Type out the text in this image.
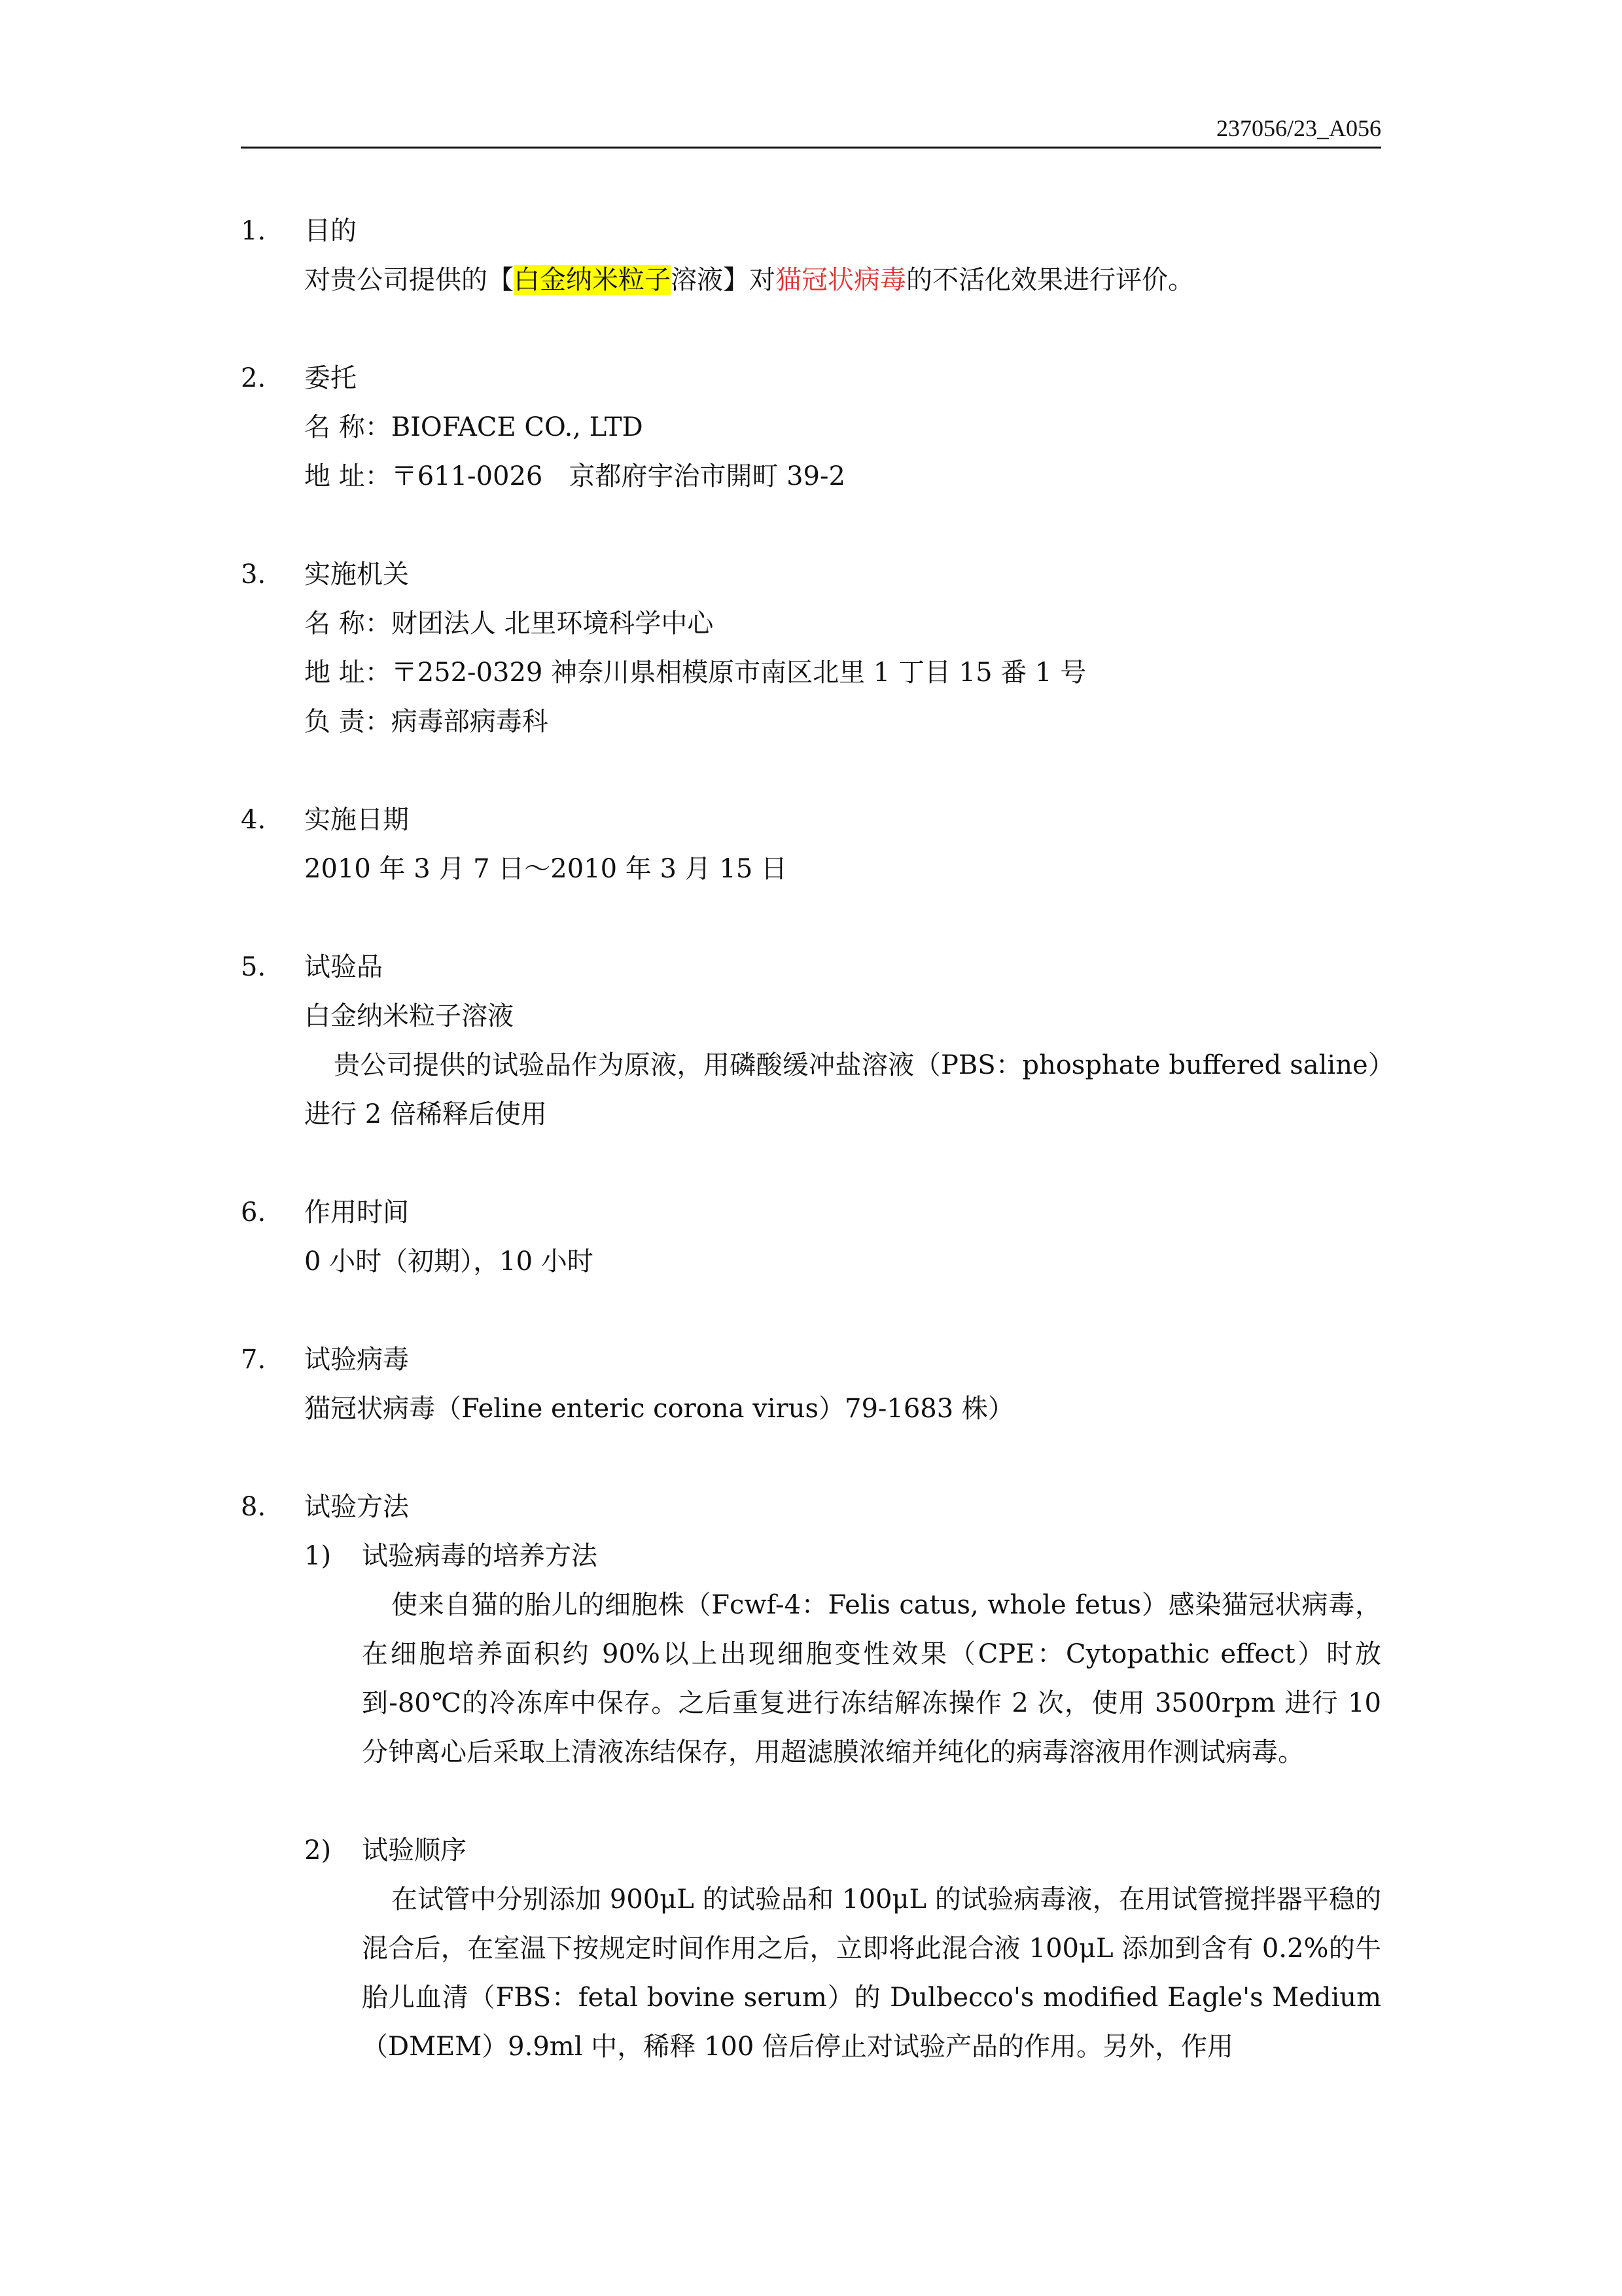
237056/23_A056
1.	目的
对贵公司提供的【白金纳米粒子溶液】对猫冠状病毒的不活化效果进行评价。
2.	委托
名 称：BIOFACE CO., LTD
地 址：〒611-0026　京都府宇治市開町 39-2
3.	实施机关
名 称：财团法人 北里环境科学中心
地 址：〒252-0329 神奈川県相模原市南区北里 1 丁目 15 番 1 号
负 责：病毒部病毒科
4.	实施日期
2010 年 3 月 7 日～2010 年 3 月 15 日
5.	试验品
白金纳米粒子溶液
贵公司提供的试验品作为原液，用磷酸缓冲盐溶液（PBS：phosphate buffered saline）进行 2 倍稀释后使用
6.	作用时间
0 小时（初期），10 小时
7.	试验病毒
猫冠状病毒（Feline enteric corona virus）79-1683 株）
8.	试验方法
1)	试验病毒的培养方法
使来自猫的胎儿的细胞株（Fcwf-4：Felis catus, whole fetus）感染猫冠状病毒，在细胞培养面积约 90%以上出现细胞变性效果（CPE：Cytopathic effect）时放到-80℃的冷冻库中保存。之后重复进行冻结解冻操作 2 次，使用 3500rpm 进行 10 分钟离心后采取上清液冻结保存，用超滤膜浓缩并纯化的病毒溶液用作测试病毒。
2)	试验顺序
在试管中分别添加 900μL 的试验品和 100μL 的试验病毒液，在用试管搅拌器平稳的混合后，在室温下按规定时间作用之后，立即将此混合液 100μL 添加到含有 0.2%的牛胎儿血清（FBS：fetal bovine serum）的 Dulbecco's modified Eagle's Medium（DMEM）9.9ml 中，稀释 100 倍后停止对试验产品的作用。另外，作用
